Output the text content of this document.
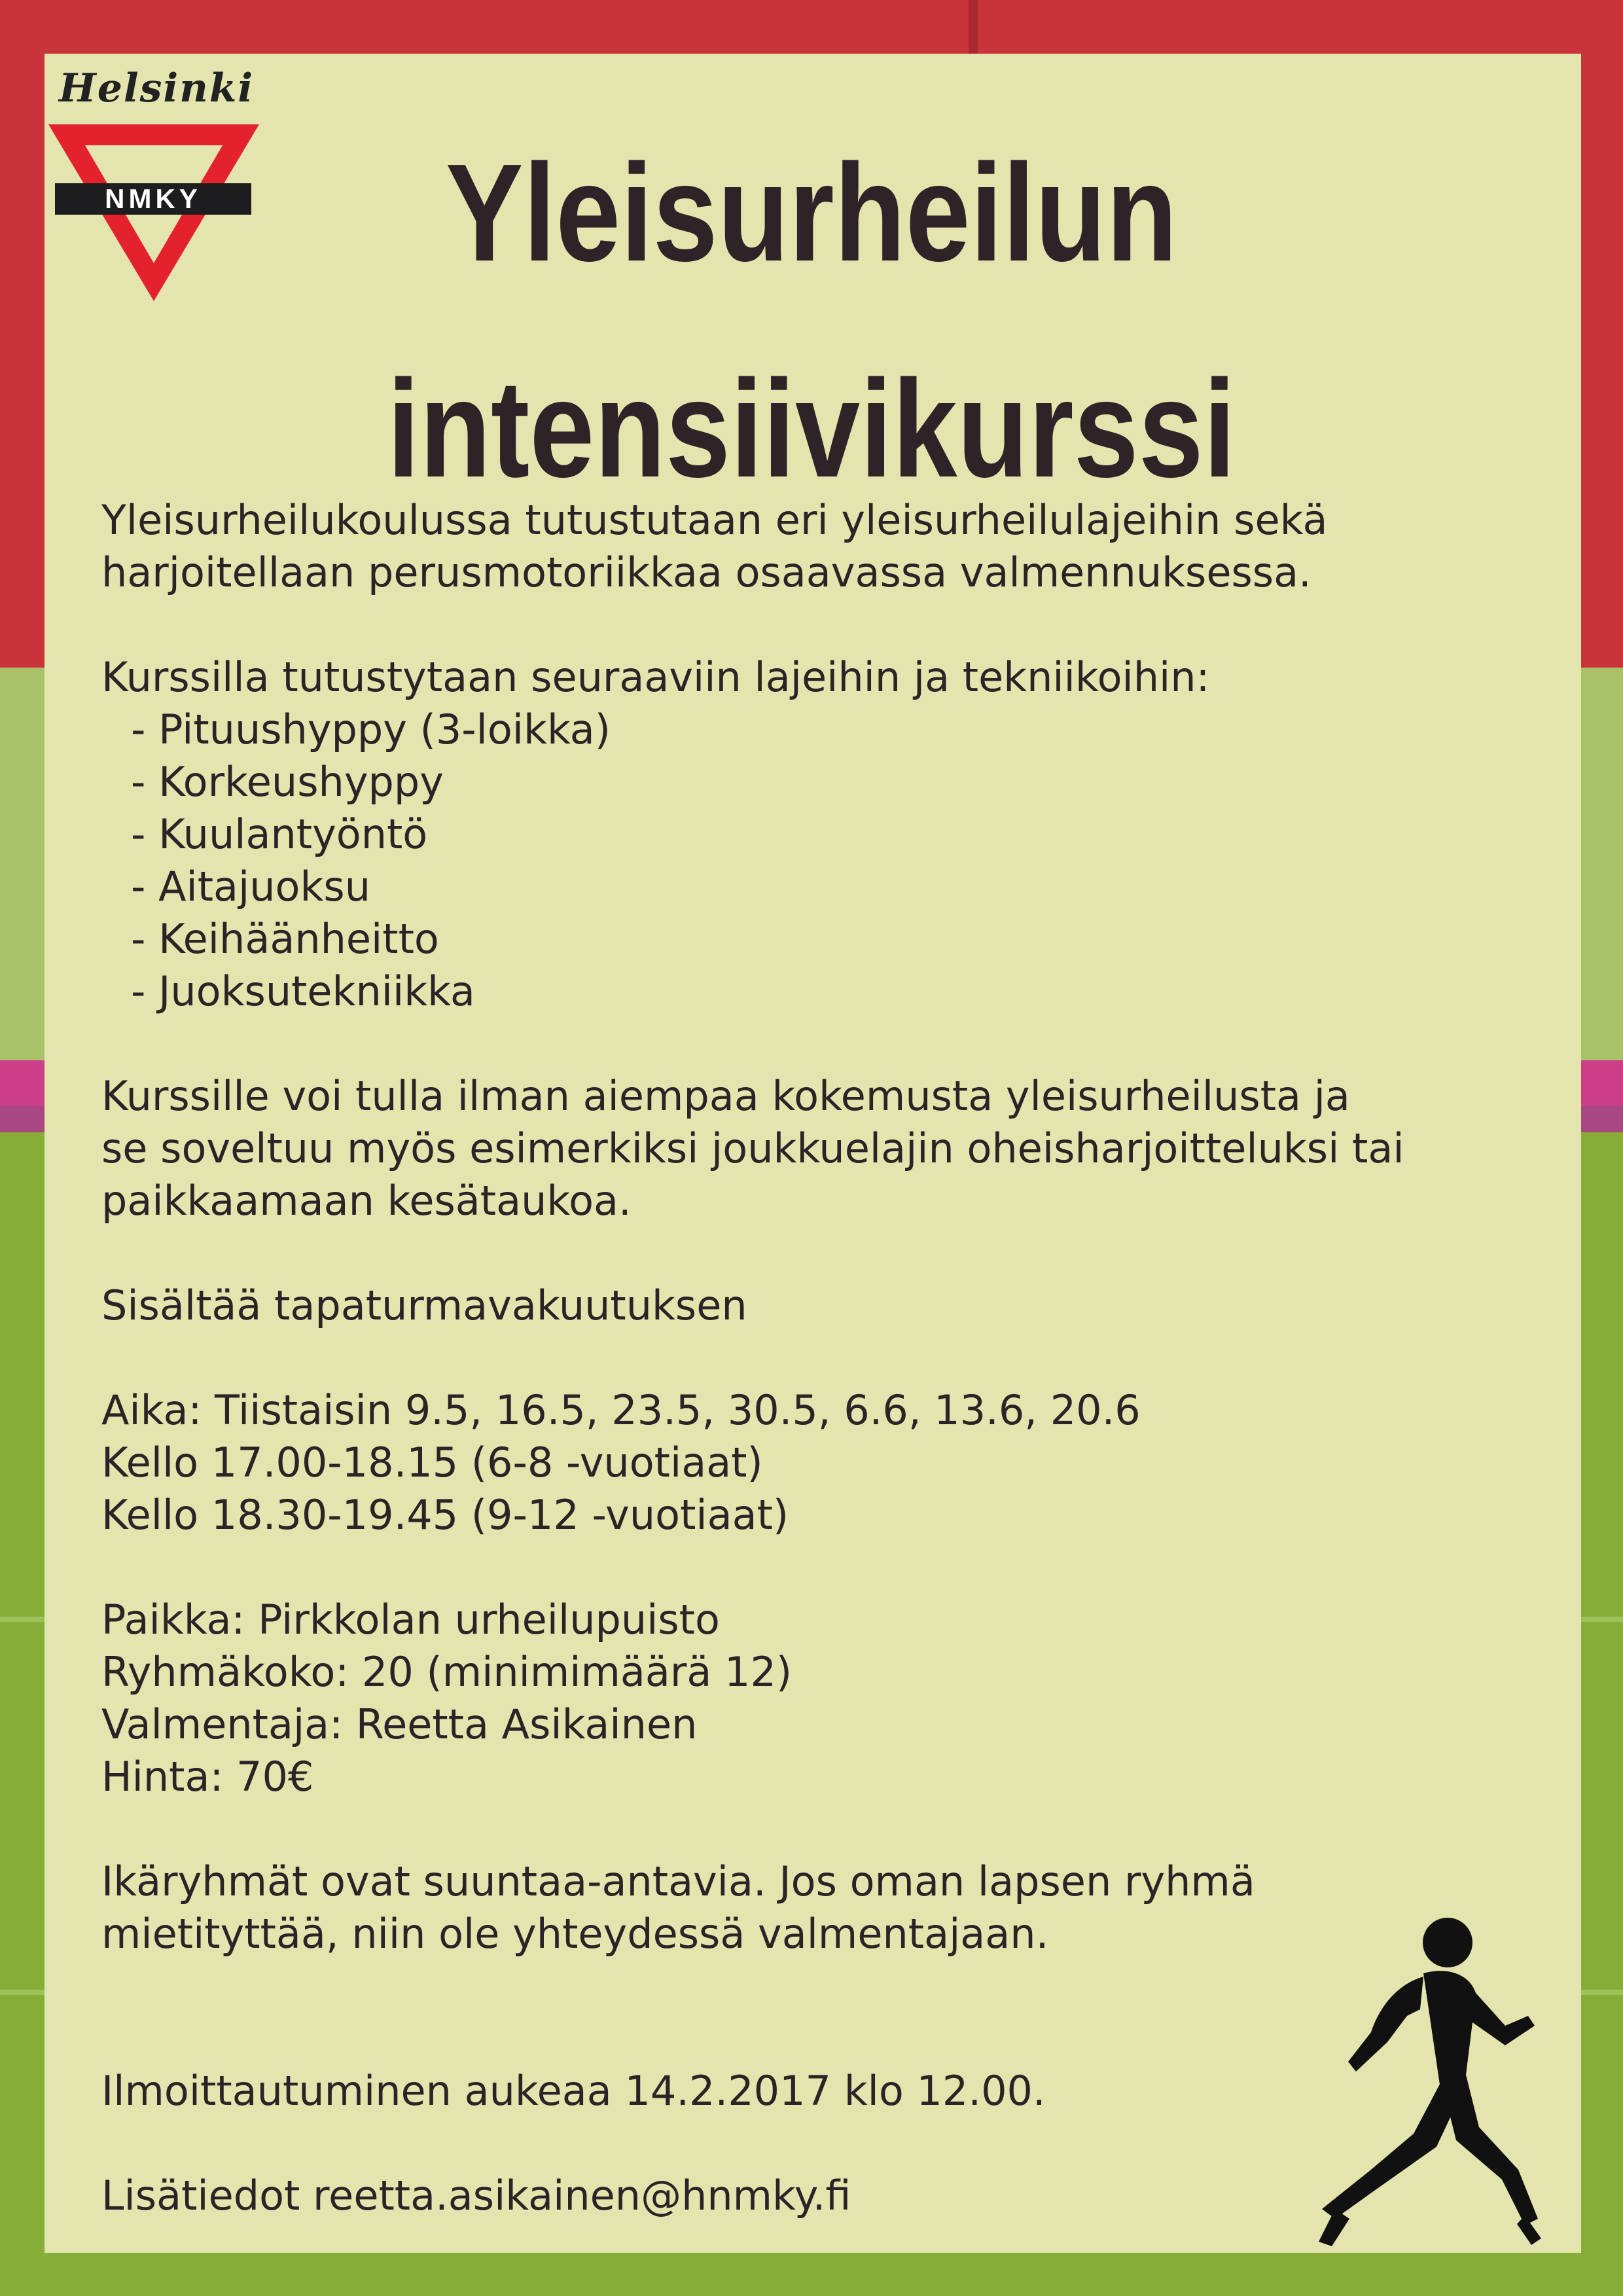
Helsinki
NMKY	Yleisurheilun
intensiivikurssi

Yleisurheilukoulussa tutustutaan eri yleisurheilulajeihin sekä

harjoitellaan perusmotoriikkaa osaavassa valmennuksessa.

Kurssilla tutustytaan seuraaviin lajeihin ja tekniikoihin:

- Pituushyppy (3-loikka)
- Korkeushyppy
- Kuulantyöntö
- Aitajuoksu
- Keihäänheitto
- Juoksutekniikka

Kurssille voi tulla ilman aiempaa kokemusta yleisurheilusta ja

se soveltuu myös esimerkiksi joukkuelajin oheisharjoitteluksi tai

paikkaamaan kesätaukoa.

Sisältää tapaturmavakuutuksen

Aika: Tiistaisin 9.5, 16.5, 23.5, 30.5, 6.6, 13.6, 20.6

Kello 17.00-18.15 (6-8 -vuotiaat)

Kello 18.30-19.45 (9-12 -vuotiaat)

Paikka: Pirkkolan urheilupuisto

Ryhmäkoko: 20 (minimimäärä 12)

Valmentaja: Reetta Asikainen

Hinta: 70€

Ikäryhmät ovat suuntaa-antavia. Jos oman lapsen ryhmä

mietityttää, niin ole yhteydessä valmentajaan.

Ilmoittautuminen aukeaa 14.2.2017 klo 12.00.

Lisätiedot reetta.asikainen@hnmky.fi
